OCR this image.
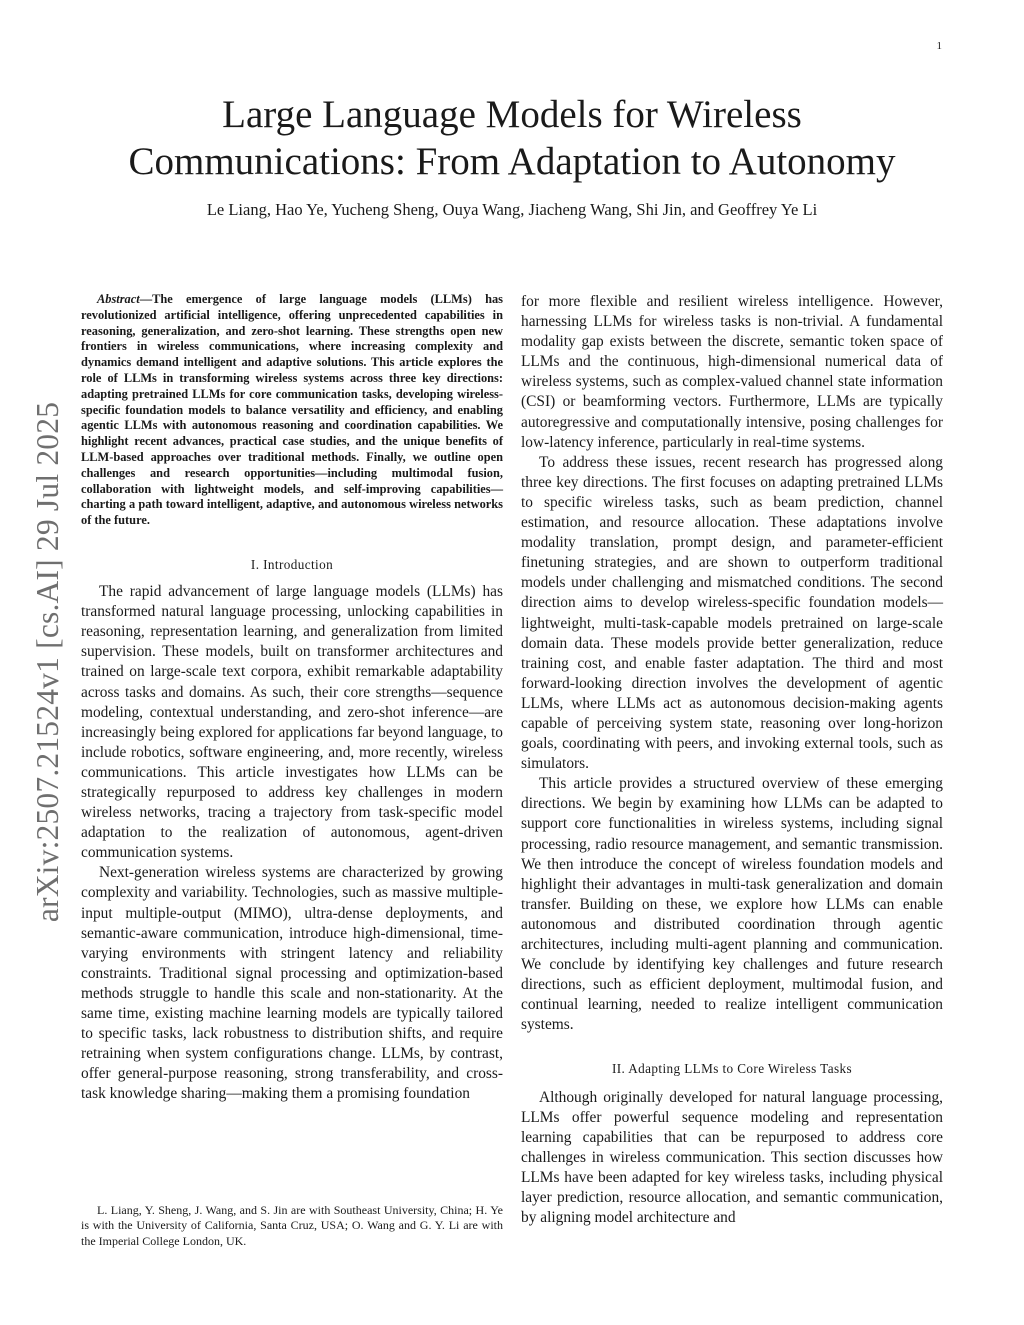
1
arXiv:2507.21524v1 [cs.AI] 29 Jul 2025
Large Language Models for Wireless
Communications: From Adaptation to Autonomy

Le Liang, Hao Ye, Yucheng Sheng, Ouya Wang, Jiacheng Wang, Shi Jin, and Geoffrey Ye Li

Abstract—The emergence of large language models (LLMs) has revolutionized artificial intelligence, offering unprecedented capabilities in reasoning, generalization, and zero-shot learning. These strengths open new frontiers in wireless communications, where increasing complexity and dynamics demand intelligent and adaptive solutions. This article explores the role of LLMs in transforming wireless systems across three key directions: adapting pretrained LLMs for core communication tasks, developing wireless-specific foundation models to balance versatility and efficiency, and enabling agentic LLMs with autonomous reasoning and coordination capabilities. We highlight recent advances, practical case studies, and the unique benefits of LLM-based approaches over traditional methods. Finally, we outline open challenges and research opportunities—including multimodal fusion, collaboration with lightweight models, and self-improving capabilities—charting a path toward intelligent, adaptive, and autonomous wireless networks of the future.

I. Introduction

The rapid advancement of large language models (LLMs) has transformed natural language processing, unlocking capabilities in reasoning, representation learning, and generalization from limited supervision. These models, built on transformer architectures and trained on large-scale text corpora, exhibit remarkable adaptability across tasks and domains. As such, their core strengths—sequence modeling, contextual understanding, and zero-shot inference—are increasingly being explored for applications far beyond language, to include robotics, software engineering, and, more recently, wireless communications. This article investigates how LLMs can be strategically repurposed to address key challenges in modern wireless networks, tracing a trajectory from task-specific model adaptation to the realization of autonomous, agent-driven communication systems.

Next-generation wireless systems are characterized by growing complexity and variability. Technologies, such as massive multiple-input multiple-output (MIMO), ultra-dense deployments, and semantic-aware communication, introduce high-dimensional, time-varying environments with stringent latency and reliability constraints. Traditional signal processing and optimization-based methods struggle to handle this scale and non-stationarity. At the same time, existing machine learning models are typically tailored to specific tasks, lack robustness to distribution shifts, and require retraining when system configurations change. LLMs, by contrast, offer general-purpose reasoning, strong transferability, and cross-task knowledge sharing—making them a promising foundation

L. Liang, Y. Sheng, J. Wang, and S. Jin are with Southeast University, China; H. Ye is with the University of California, Santa Cruz, USA; O. Wang and G. Y. Li are with the Imperial College London, UK.

for more flexible and resilient wireless intelligence. However, harnessing LLMs for wireless tasks is non-trivial. A fundamental modality gap exists between the discrete, semantic token space of LLMs and the continuous, high-dimensional numerical data of wireless systems, such as complex-valued channel state information (CSI) or beamforming vectors. Furthermore, LLMs are typically autoregressive and computationally intensive, posing challenges for low-latency inference, particularly in real-time systems.

To address these issues, recent research has progressed along three key directions. The first focuses on adapting pretrained LLMs to specific wireless tasks, such as beam prediction, channel estimation, and resource allocation. These adaptations involve modality translation, prompt design, and parameter-efficient finetuning strategies, and are shown to outperform traditional models under challenging and mismatched conditions. The second direction aims to develop wireless-specific foundation models—lightweight, multi-task-capable models pretrained on large-scale domain data. These models provide better generalization, reduce training cost, and enable faster adaptation. The third and most forward-looking direction involves the development of agentic LLMs, where LLMs act as autonomous decision-making agents capable of perceiving system state, reasoning over long-horizon goals, coordinating with peers, and invoking external tools, such as simulators.

This article provides a structured overview of these emerging directions. We begin by examining how LLMs can be adapted to support core functionalities in wireless systems, including signal processing, radio resource management, and semantic transmission. We then introduce the concept of wireless foundation models and highlight their advantages in multi-task generalization and domain transfer. Building on these, we explore how LLMs can enable autonomous and distributed coordination through agentic architectures, including multi-agent planning and communication. We conclude by identifying key challenges and future research directions, such as efficient deployment, multimodal fusion, and continual learning, needed to realize intelligent communication systems.

II. Adapting LLMs to Core Wireless Tasks

Although originally developed for natural language processing, LLMs offer powerful sequence modeling and representation learning capabilities that can be repurposed to address core challenges in wireless communication. This section discusses how LLMs have been adapted for key wireless tasks, including physical layer prediction, resource allocation, and semantic communication, by aligning model architecture and
